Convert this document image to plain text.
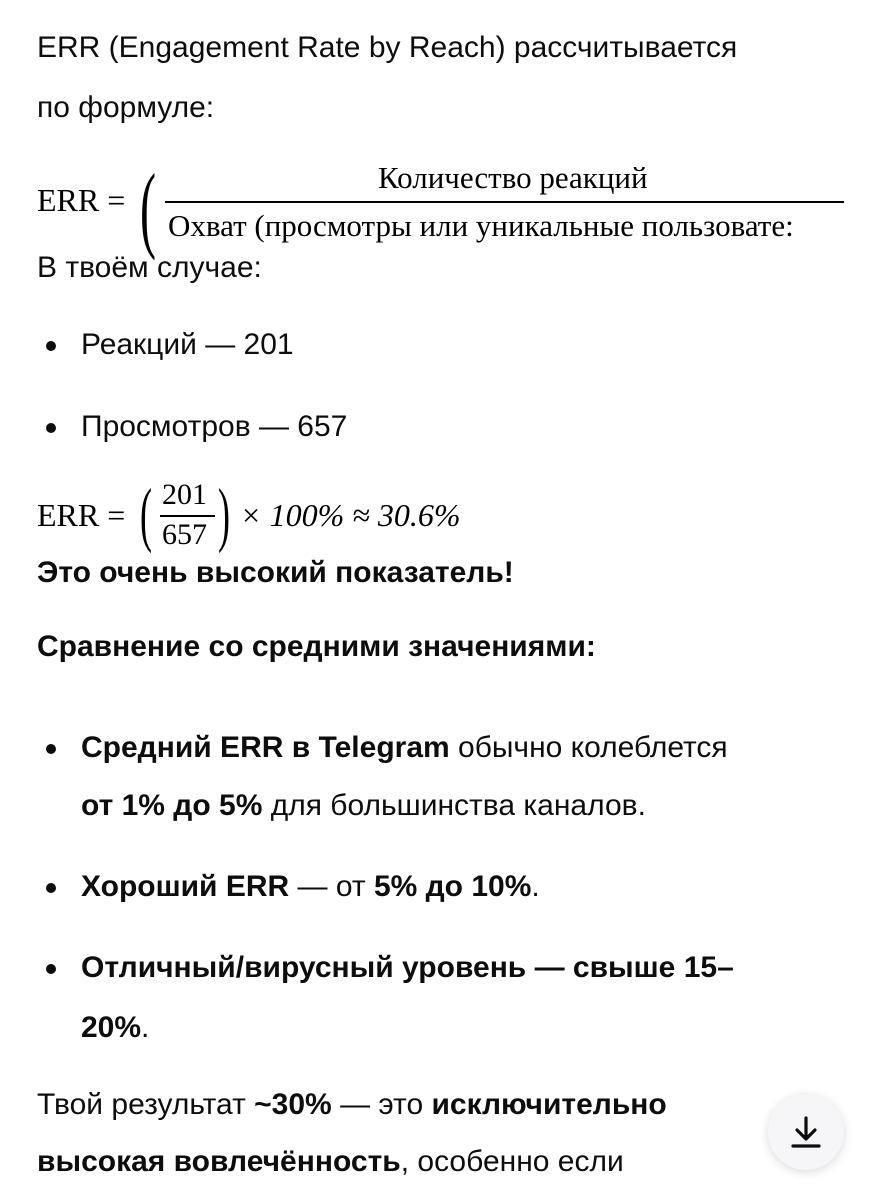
ERR (Engagement Rate by Reach) рассчитывается
по формуле:
ERR = (	Количество реакций
Охват (просмотры или уникальные пользовате:
В твоём случае:
Реакций — 201
Просмотров — 657
ERR = ( 201
657 ) × 100% ≈ 30.6%
Это очень высокий показатель!
Сравнение со средними значениями:
Средний ERR в Telegram обычно колеблется
от 1% до 5% для большинства каналов.
Хороший ERR — от 5% до 10%.
Отличный/вирусный уровень — свыше 15–
20%.
Твой результат ~30% — это исключительно
высокая вовлечённость, особенно если
